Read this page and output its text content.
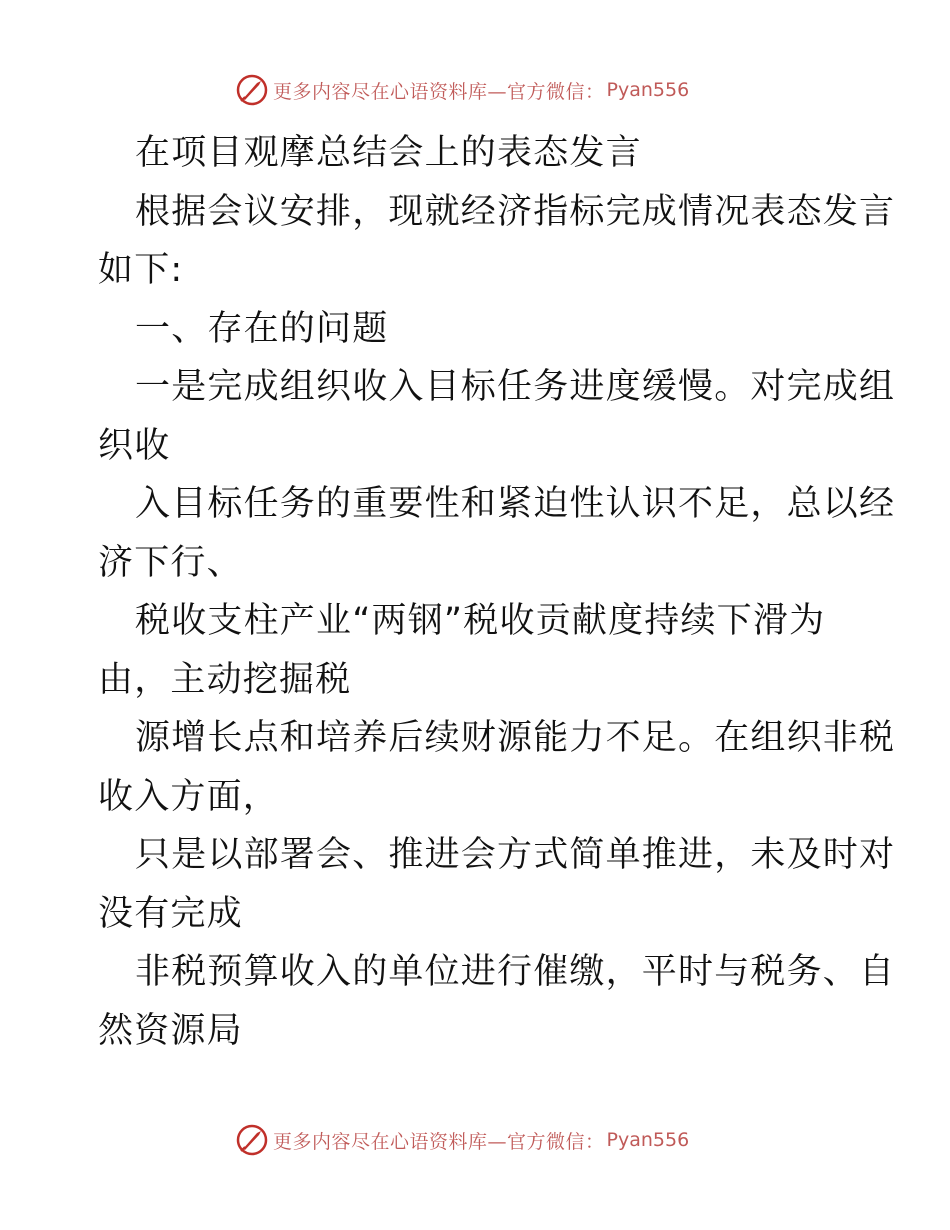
更多内容尽在心语资料库—官方微信： Pyan556
在项目观摩总结会上的表态发言
根据会议安排，现就经济指标完成情况表态发言
如下:
一、存在的问题
一是完成组织收入目标任务进度缓慢。对完成组
织收
入目标任务的重要性和紧迫性认识不足，总以经
济下行、
税收支柱产业“两钢”税收贡献度持续下滑为
由，主动挖掘税
源增长点和培养后续财源能力不足。在组织非税
收入方面，
只是以部署会、推进会方式简单推进，未及时对
没有完成
非税预算收入的单位进行催缴，平时与税务、自
然资源局
更多内容尽在心语资料库—官方微信： Pyan556
